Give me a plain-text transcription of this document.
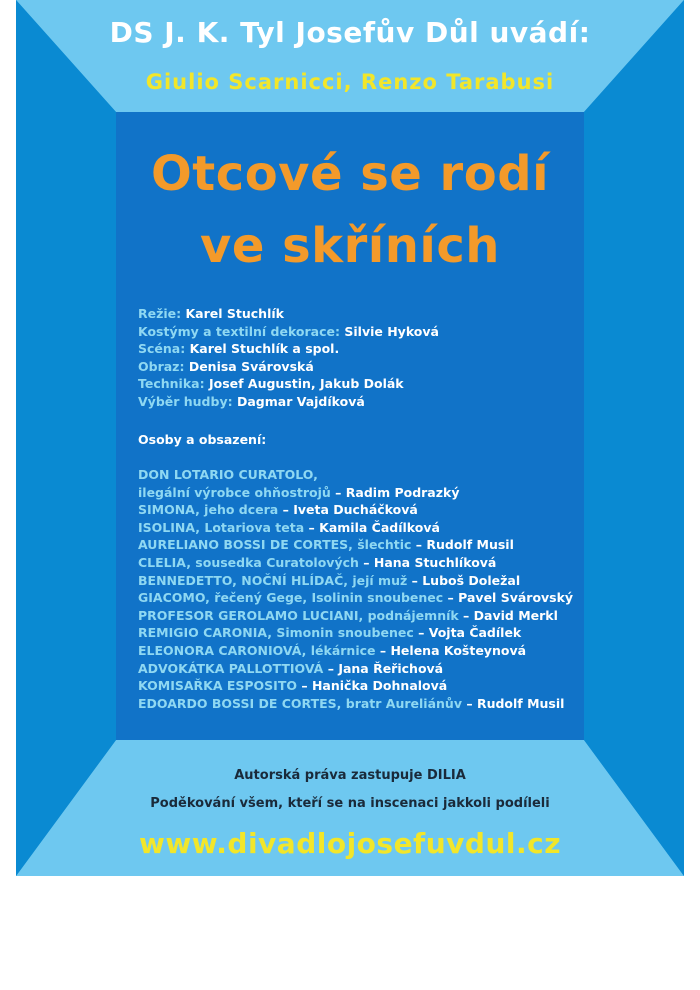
DS J. K. Tyl Josefův Důl uvádí:

Giulio Scarnicci, Renzo Tarabusi

Otcové se rodí
ve skříních
Režie: Karel Stuchlík
Kostýmy a textilní dekorace: Silvie Hyková
Scéna: Karel Stuchlík a spol.
Obraz: Denisa Svárovská
Technika: Josef Augustin, Jakub Dolák
Výběr hudby: Dagmar Vajdíková
Osoby a obsazení:
DON LOTARIO CURATOLO,
ilegální výrobce ohňostrojů – Radim Podrazký
SIMONA, jeho dcera – Iveta Ducháčková
ISOLINA, Lotariova teta – Kamila Čadílková
AURELIANO BOSSI DE CORTES, šlechtic – Rudolf Musil
CLELIA, sousedka Curatolových – Hana Stuchlíková
BENNEDETTO, NOČNÍ HLÍDAČ, její muž – Luboš Doležal
GIACOMO, řečený Gege, Isolinin snoubenec – Pavel Svárovský
PROFESOR GEROLAMO LUCIANI, podnájemník – David Merkl
REMIGIO CARONIA, Simonin snoubenec – Vojta Čadílek
ELEONORA CARONIOVÁ, lékárnice – Helena Košteynová
ADVOKÁTKA PALLOTTIOVÁ – Jana Řeřichová
KOMISAŘKA ESPOSITO – Hanička Dohnalová
EDOARDO BOSSI DE CORTES, bratr Aureliánův – Rudolf Musil

Autorská práva zastupuje DILIA

Poděkování všem, kteří se na inscenaci jakkoli podíleli

www.divadlojosefuvdul.cz
